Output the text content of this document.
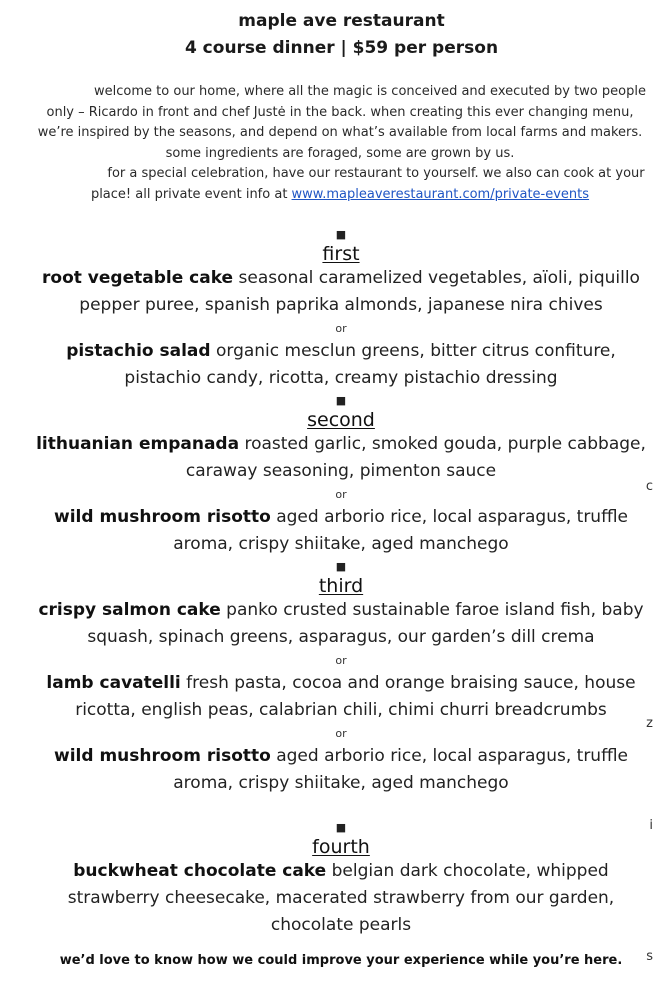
maple ave restaurant
4 course dinner | $59 per person
welcome to our home, where all the magic is conceived and executed by two people only – Ricardo in front and chef Justė in the back. when creating this ever changing menu, we’re inspired by the seasons, and depend on what’s available from local farms and makers. some ingredients are foraged, some are grown by us.
for a special celebration, have our restaurant to yourself. we also can cook at your place! all private event info at www.mapleaverestaurant.com/private-events
■
first
root vegetable cake seasonal caramelized vegetables, aïoli, piquillo pepper puree, spanish paprika almonds, japanese nira chives
or
pistachio salad organic mesclun greens, bitter citrus confiture, pistachio candy, ricotta, creamy pistachio dressing
■
second
lithuanian empanada roasted garlic, smoked gouda, purple cabbage, caraway seasoning, pimenton sauce
or
wild mushroom risotto aged arborio rice, local asparagus, truffle aroma, crispy shiitake, aged manchego
■
third
crispy salmon cake panko crusted sustainable faroe island fish, baby squash, spinach greens, asparagus, our garden’s dill crema
or
lamb cavatelli fresh pasta, cocoa and orange braising sauce, house ricotta, english peas, calabrian chili, chimi churri breadcrumbs
or
wild mushroom risotto aged arborio rice, local asparagus, truffle aroma, crispy shiitake, aged manchego
■
fourth
buckwheat chocolate cake belgian dark chocolate, whipped strawberry cheesecake, macerated strawberry from our garden, chocolate pearls
we’d love to know how we could improve your experience while you’re here.
c
z
i
s
